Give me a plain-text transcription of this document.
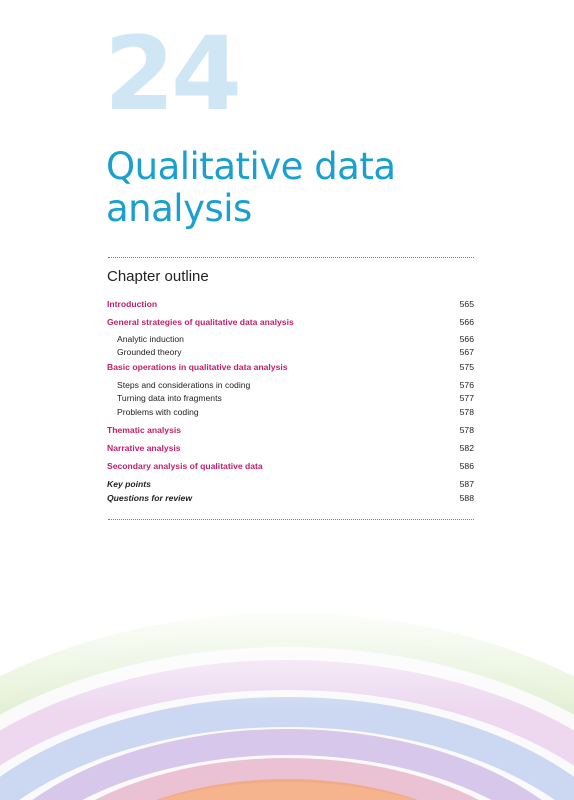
24
Qualitative data analysis
Chapter outline
Introduction	565
General strategies of qualitative data analysis	566
Analytic induction	566
Grounded theory	567
Basic operations in qualitative data analysis	575
Steps and considerations in coding	576
Turning data into fragments	577
Problems with coding	578
Thematic analysis	578
Narrative analysis	582
Secondary analysis of qualitative data	586
Key points	587
Questions for review	588
